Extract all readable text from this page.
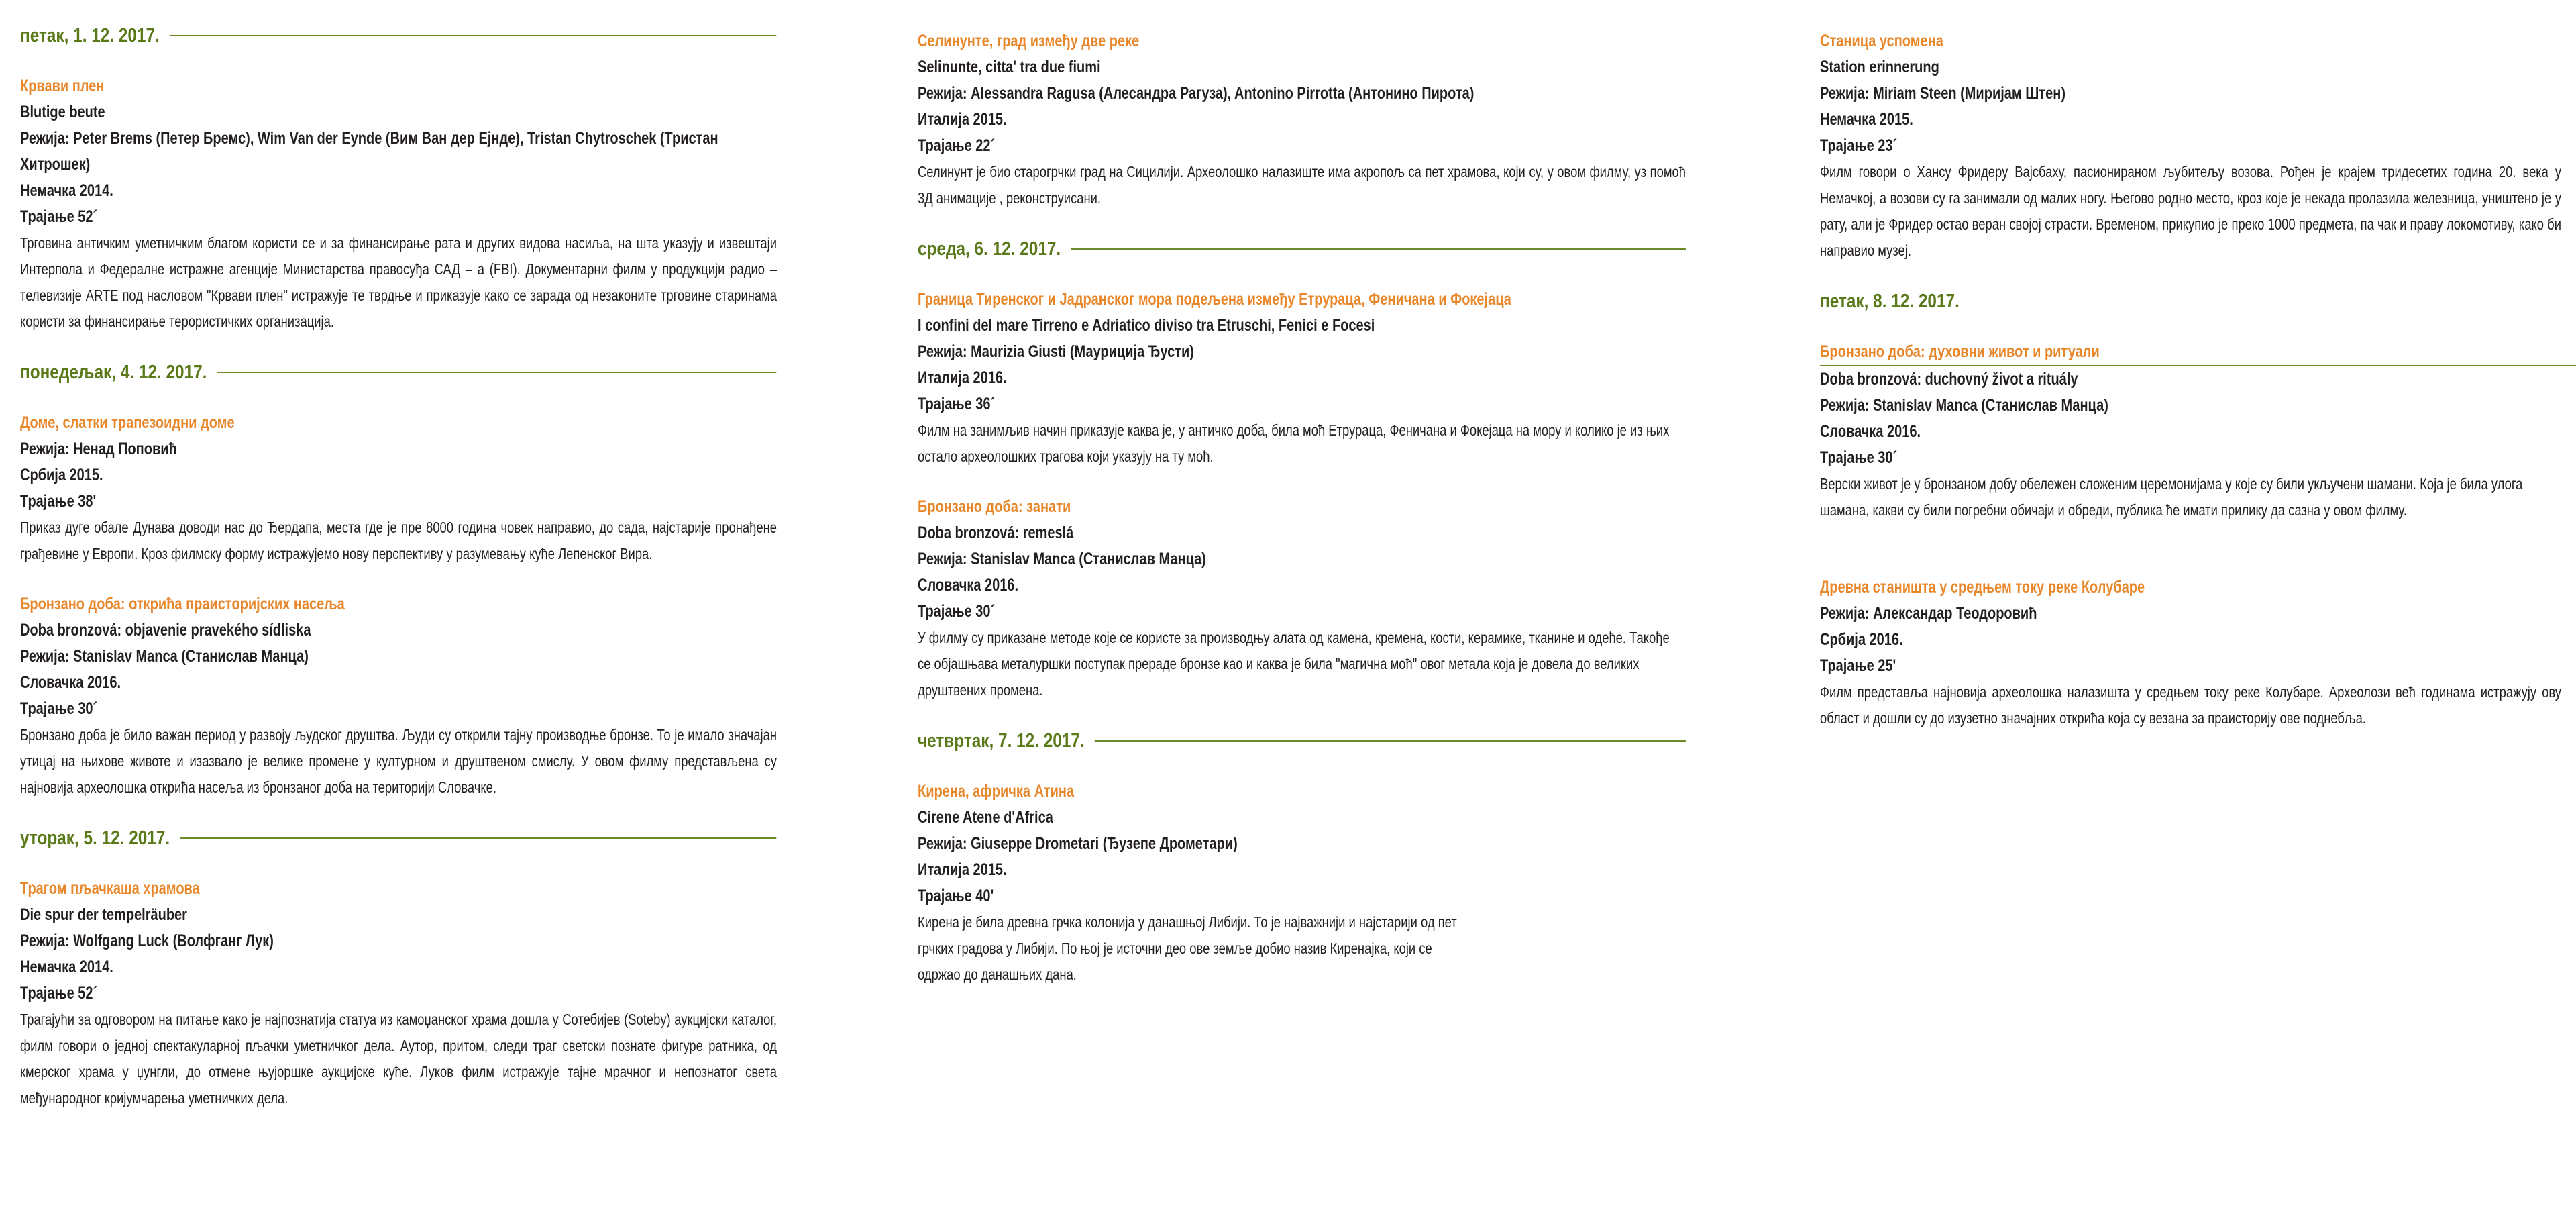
петак, 1. 12. 2017.
Крвави плен
Blutige beute
Режија: Peter Brems (Петер Бремс), Wim Van der Eynde (Вим Ван дер Ејнде), Tristan Chytroschek (Тристан Хитрошек)
Немачка 2014.
Трајање 52´

Трговина античким уметничким благом користи се и за финансирање рата и других видова насиља, на шта указују и извештаји Интерпола и Федералне истражне агенције Министарства правосуђа САД – а (FBI). Документарни филм у продукцији радио – телевизије ARTE под насловом "Крвави плен" истражује те тврдње и приказује како се зарада од незаконите трговине старинама користи за финансирање терористичких организација.

понедељак, 4. 12. 2017.
Доме, слатки трапезоидни доме
Режија: Ненад Поповић
Србија 2015.
Трајање 38'

Приказ дуге обале Дунава доводи нас до Ђердапа, места где је пре 8000 година човек направио, до сада, најстарије пронађене грађевине у Европи. Кроз филмску форму истражујемо нову перспективу у разумевању куће Лепенског Вира.

Бронзано доба: открића праисторијских насеља
Doba bronzová: objavenie pravekého sídliska
Режија: Stanislav Manca (Станислав Манца)
Словачка 2016.
Трајање 30´

Бронзано доба је било важан период у развоју људског друштва. Људи су открили тајну производње бронзе. То је имало значајан утицај на њихове животе и изазвало је велике промене у културном и друштвеном смислу. У овом филму представљена су најновија археолошка открића насеља из бронзаног доба на територији Словачке.

уторак, 5. 12. 2017.
Трагом пљачкаша храмова
Die spur der tempelräuber
Режија: Wolfgang Luck (Волфганг Лук)
Немачка 2014.
Трајање 52´

Трагајући за одговором на питање како је најпознатија статуа из камоџанског храма дошла у Сотебијев (Soteby) аукцијски каталог, филм говори о једној спектакуларној пљачки уметничког дела. Аутор, притом, следи траг светски познате фигуре ратника, од кмерског храма у џунгли, до отмене њујоршке аукцијске куће. Луков филм истражује тајне мрачног и непознатог света међународног кријумчарења уметничких дела.

Селинунте, град између две реке
Selinunte, citta' tra due fiumi
Режија: Alessandra Ragusa (Алесандра Рагуза), Antonino Pirrotta (Антонино Пирота)
Италија 2015.
Трајање 22´

Селинунт је био старогрчки град на Сицилији. Археолошко налазиште има акропољ са пет храмова, који су, у овом филму, уз помоћ 3Д анимације , реконструисани.

среда, 6. 12. 2017.
Граница Тиренског и Јадранског мора подељена између Етрураца, Феничана и Фокејаца
I confini del mare Tirreno e Adriatico diviso tra Etruschi, Fenici e Focesi
Режија: Maurizia Giusti (Мауриција Ђусти)
Италија 2016.
Трајање 36´

Филм на занимљив начин приказује каква је, у античко доба, била моћ Етрураца, Феничана и Фокејаца на мору и колико је из њих остало археолошких трагова који указују на ту моћ.

Бронзано доба: занати
Doba bronzová: remeslá
Режија: Stanislav Manca (Станислав Манца)
Словачка 2016.
Трајање 30´

У филму су приказане методе које се користе за производњу алата од камена, кремена, кости, керамике, тканине и одеће. Такође се објашњава металуршки поступак прераде бронзе као и каква је била "магична моћ" овог метала која је довела до великих друштвених промена.

четвртак, 7. 12. 2017.
Кирена, афричка Атина
Cirene Atene d'Africa
Режија: Giuseppe Drometari (Ђузепе Дрометари)
Италија 2015.
Трајање 40'

Кирена је била древна грчка колонија у данашњој Либији. То је најважнији и најстарији од пет грчких градова у Либији. По њој је источни део ове земље добио назив Киренајка, који се одржао до данашњих дана.

Станица успомена
Station erinnerung
Режија: Miriam Steen (Миријам Штен)
Немачка 2015.
Трајање 23´

Филм говори о Хансу Фридеру Вајсбаху, пасионираном љубитељу возова. Рођен је крајем тридесетих година 20. века у Немачкој, а возови су га занимали од малих ногу. Његово родно место, кроз које је некада пролазила железница, уништено је у рату, али је Фридер остао веран својој страсти. Временом, прикупио је преко 1000 предмета, па чак и праву локомотиву, како би направио музеј.

петак, 8. 12. 2017.
Бронзано доба: духовни живот и ритуали
Doba bronzová: duchovný život a rituály
Режија: Stanislav Manca (Станислав Манца)
Словачка 2016.
Трајање 30´

Верски живот је у бронзаном добу обележен сложеним церемонијама у које су били укључени шамани. Која је била улога шамана, какви су били погребни обичаји и обреди, публика ће имати прилику да сазна у овом филму.

Древна станишта у средњем току реке Колубаре
Режија: Александар Теодоровић
Србија 2016.
Трајање 25'

Филм представља најновија археолошка налазишта у средњем току реке Колубаре. Археолози већ годинама истражују ову област и дошли су до изузетно значајних открића која су везана за праисторију ове поднебља.
